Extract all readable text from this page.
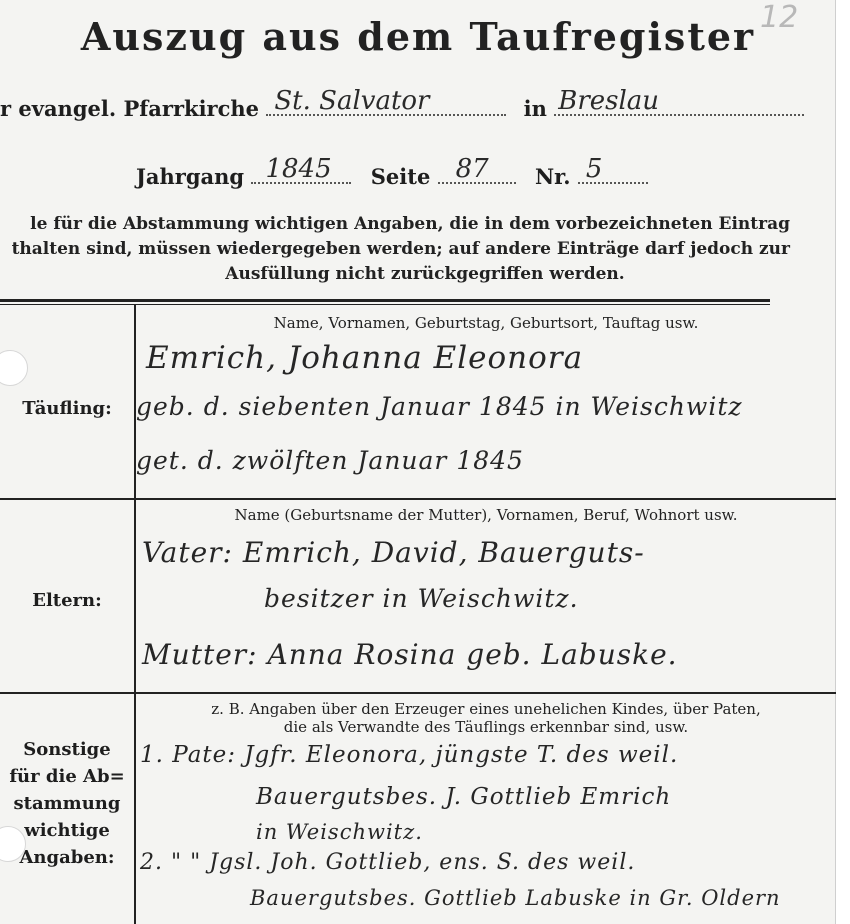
12
Auszug aus dem Taufregister
r evangel. Pfarrkirche St. Salvator	in Breslau
Jahrgang 1845 Seite 87 Nr. 5
le für die Abstammung wichtigen Angaben, die in dem vorbezeichneten Eintrag
thalten sind, müssen wiedergegeben werden; auf andere Einträge darf jedoch zur
Ausfüllung nicht zurückgegriffen werden.
Täufling:
Name, Vornamen, Geburtstag, Geburtsort, Tauftag usw.
Emrich, Johanna Eleonora
geb. d. siebenten Januar 1845 in Weischwitz
get. d. zwölften Januar 1845
Eltern:
Name (Geburtsname der Mutter), Vornamen, Beruf, Wohnort usw.
Vater: Emrich, David, Bauerguts-
besitzer in Weischwitz.
Mutter: Anna Rosina geb. Labuske.
Sonstige
für die Ab=
stammung
wichtige
Angaben:
z. B. Angaben über den Erzeuger eines unehelichen Kindes, über Paten,
die als Verwandte des Täuflings erkennbar sind, usw.
1. Pate: Jgfr. Eleonora, jüngste T. des weil.
Bauergutsbes. J. Gottlieb Emrich
in Weischwitz.
2. " " Jgsl. Joh. Gottlieb, ens. S. des weil.
Bauergutsbes. Gottlieb Labuske in Gr. Oldern
